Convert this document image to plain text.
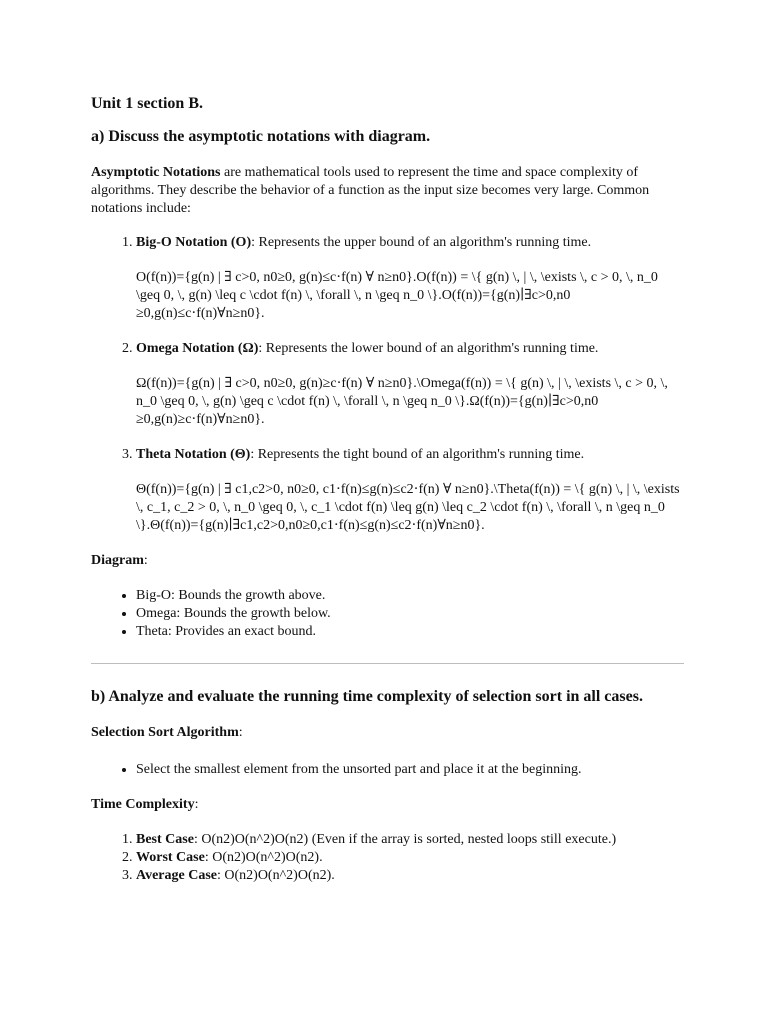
Unit 1 section B.
a) Discuss the asymptotic notations with diagram.

Asymptotic Notations are mathematical tools used to represent the time and space complexity of algorithms. They describe the behavior of a function as the input size becomes very large. Common notations include:

1. Big-O Notation (O): Represents the upper bound of an algorithm's running time.

O(f(n))={g(n) | ∃ c>0, n0≥0, g(n)≤c⋅f(n) ∀ n≥n0}.O(f(n)) = \{ g(n) \, | \, \exists \, c > 0, \, n_0 \geq 0, \, g(n) \leq c \cdot f(n) \, \forall \, n \geq n_0 \}.O(f(n))={g(n)∣∃c>0,n0 ≥0,g(n)≤c⋅f(n)∀n≥n0}.

2. Omega Notation (Ω): Represents the lower bound of an algorithm's running time.

Ω(f(n))={g(n) | ∃ c>0, n0≥0, g(n)≥c⋅f(n) ∀ n≥n0}.\Omega(f(n)) = \{ g(n) \, | \, \exists \, c > 0, \, n_0 \geq 0, \, g(n) \geq c \cdot f(n) \, \forall \, n \geq n_0 \}.Ω(f(n))={g(n)∣∃c>0,n0 ≥0,g(n)≥c⋅f(n)∀n≥n0}.

3. Theta Notation (Θ): Represents the tight bound of an algorithm's running time.

Θ(f(n))={g(n) | ∃ c1,c2>0, n0≥0, c1⋅f(n)≤g(n)≤c2⋅f(n) ∀ n≥n0}.\Theta(f(n)) = \{ g(n) \, | \, \exists \, c_1, c_2 > 0, \, n_0 \geq 0, \, c_1 \cdot f(n) \leq g(n) \leq c_2 \cdot f(n) \, \forall \, n \geq n_0 \}.Θ(f(n))={g(n)∣∃c1,c2>0,n0≥0,c1⋅f(n)≤g(n)≤c2⋅f(n)∀n≥n0}.

Diagram:

• Big-O: Bounds the growth above.
• Omega: Bounds the growth below.
• Theta: Provides an exact bound.
b) Analyze and evaluate the running time complexity of selection sort in all cases.

Selection Sort Algorithm:

• Select the smallest element from the unsorted part and place it at the beginning.

Time Complexity:

1. Best Case: O(n2)O(n^2)O(n2) (Even if the array is sorted, nested loops still execute.)
2. Worst Case: O(n2)O(n^2)O(n2).
3. Average Case: O(n2)O(n^2)O(n2).
